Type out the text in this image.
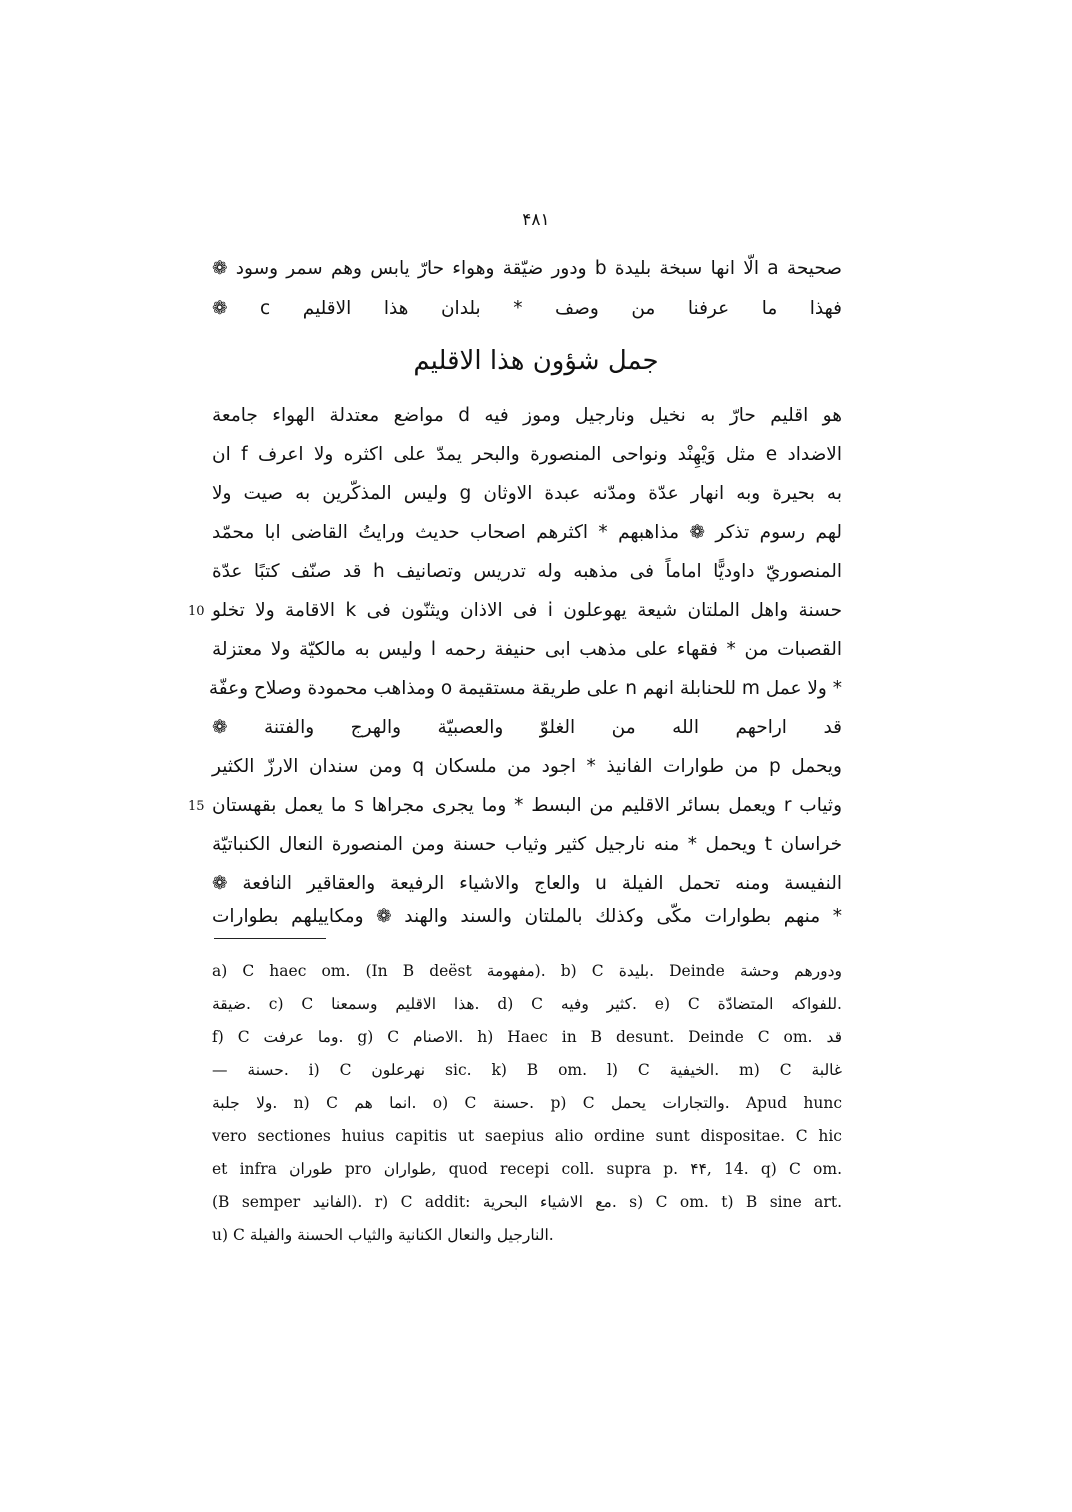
۴۸۱
صحيحة a الّا انها سبخة بليدة b ودور ضيّقة وهواء حارّ يابس وهم سمر وسود ❁
فهذا ما عرفنا من وصف * بلدان هذا الاقليم c ❁
جمل شؤون هذا الاقليم
هو اقليم حارّ به نخيل ونارجيل وموز فيه d مواضع معتدلة الهواء جامعة
الاضداد e مثل وَيْهِنْد ونواحى المنصورة والبحر يمدّ على اكثره ولا اعرف f ان
به بحيرة وبه انهار عدّة ومدّنه عبدة الاوثان g وليس المذكّرين به صيت ولا
لهم رسوم تذكر ❁ مذاهبهم * اكثرهم اصحاب حديث ورايتُ القاضى ابا محمّد
المنصوريّ داوديًّا اماماً فى مذهبه وله تدريس وتصانيف h قد صنّف كتبًا عدّة
حسنة واهل الملتان شيعة يهوعلون i فى الاذان ويثنّون فى k الاقامة ولا تخلو
القصبات من * فقهاء على مذهب ابى حنيفة رحمه l وليس به مالكيّة ولا معتزلة
* ولا عمل m للحنابلة انهم n على طريقة مستقيمة o ومذاهب محمودة وصلاح وعفّة
قد اراحهم الله من الغلوّ والعصبيّة والهرج والفتنة ❁
ويحمل p من طوارات الفانيذ * اجود من ملسكان q ومن سندان الارزّ الكثير
وثياب r ويعمل بسائر الاقليم من البسط * وما يجرى مجراها s ما يعمل بقهستان
خراسان t ويحمل * منه نارجيل كثير وثياب حسنة ومن المنصورة النعال الكنباتيّة
النفيسة ومنه تحمل الفيلة u والعاج والاشياء الرفيعة والعقاقير النافعة ❁
* منهم بطوارات مكّى وكذلك بالملتان والسند والهند ❁ ومكاييلهم بطوارات
10
15
a) C haec om. (In B deëst مفهومة). b) C بليدة. Deinde ودورهم وحشة
ضيقة. c) C هذا الاقليم وسمعنا. d) C كثير وفيه. e) C للفواكه المتضادّة.
f) C وما عرفت. g) C الاصنام. h) Haec in B desunt. Deinde C om. قد
— حسنة. i) C نهرعلون sic. k) B om. l) C الخيفية. m) C غالبة
ولا جلبة. n) C انما هم. o) C حسنة. p) C والتجارات يحمل. Apud hunc
vero sectiones huius capitis ut saepius alio ordine sunt dispositae. C hic
et infra طوران pro طواران, quod recepi coll. supra p. ۴۴, 14. q) C om.
(B semper الفانيد). r) C addit: مع الاشياء البحرية. s) C om. t) B sine art.
u) C النارجيل والنعال الكنانية والثياب الحسنة والفيلة.
